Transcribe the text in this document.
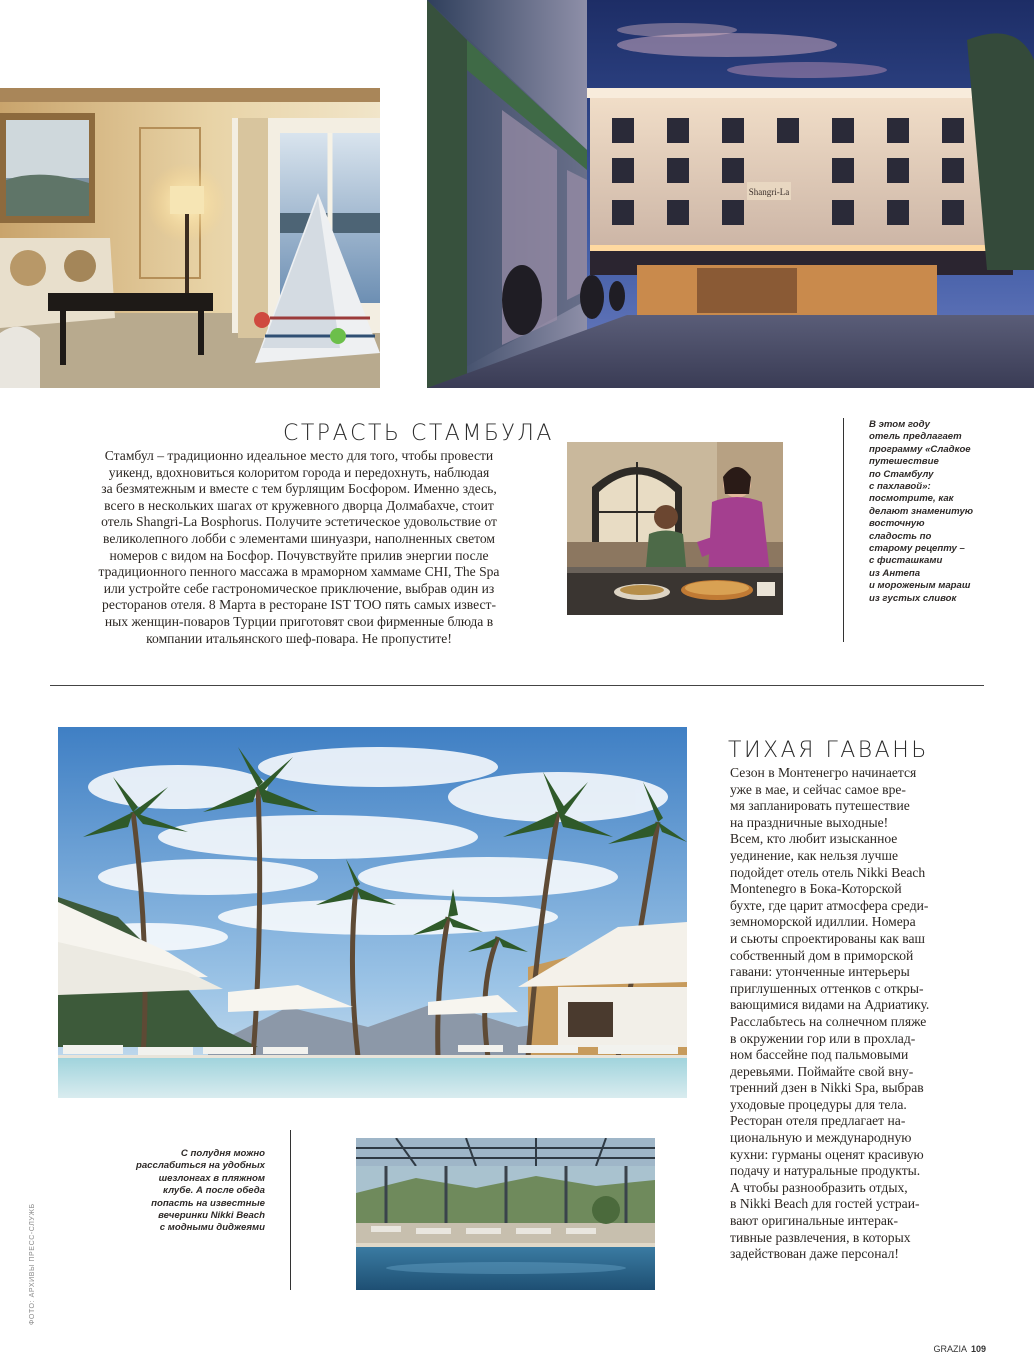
Shangri-La
СТРАСТЬ СТАМБУЛА
Стамбул – традиционно идеальное место для того, чтобы провести
уикенд, вдохновиться колоритом города и передохнуть, наблюдая
за безмятежным и вместе с тем бурлящим Босфором. Именно здесь,
всего в нескольких шагах от кружевного дворца Долмабахче, стоит
отель Shangri-La Bosphorus. Получите эстетическое удовольствие от
великолепного лобби с элементами шинуазри, наполненных светом
номеров с видом на Босфор. Почувствуйте прилив энергии после
традиционного пенного массажа в мраморном хаммаме CHI, The Spa
или устройте себе гастрономическое приключение, выбрав один из
ресторанов отеля. 8 Марта в ресторане IST TOO пять самых извест-
ных женщин-поваров Турции приготовят свои фирменные блюда в
компании итальянского шеф-повара. Не пропустите!
В этом году
отель предлагает
программу «Сладкое
путешествие
по Стамбулу
с пахлавой»:
посмотрите, как
делают знаменитую
восточную
сладость по
старому рецепту –
с фисташками
из Антепа
и мороженым мараш
из густых сливок
ТИХАЯ ГАВАНЬ
Сезон в Монтенегро начинается
уже в мае, и сейчас самое вре-
мя запланировать путешествие
на праздничные выходные!
Всем, кто любит изысканное
уединение, как нельзя лучше
подойдет отель отель Nikki Beach
Montenegro в Бока-Которской
бухте, где царит атмосфера среди-
земноморской идиллии. Номера
и сьюты спроектированы как ваш
собственный дом в приморской
гавани: утонченные интерьеры
приглушенных оттенков с откры-
вающимися видами на Адриатику.
Расслабьтесь на солнечном пляже
в окружении гор или в прохлад-
ном бассейне под пальмовыми
деревьями. Поймайте свой вну-
тренний дзен в Nikki Spa, выбрав
уходовые процедуры для тела.
Ресторан отеля предлагает на-
циональную и международную
кухни: гурманы оценят красивую
подачу и натуральные продукты.
А чтобы разнообразить отдых,
в Nikki Beach для гостей устраи-
вают оригинальные интерак-
тивные развлечения, в которых
задействован даже персонал!
С полудня можно
расслабиться на удобных
шезлонгах в пляжном
клубе. А после обеда
попасть на известные
вечеринки Nikki Beach
с модными диджеями
ФОТО: АРХИВЫ ПРЕСС-СЛУЖБ
GRAZIA 109
